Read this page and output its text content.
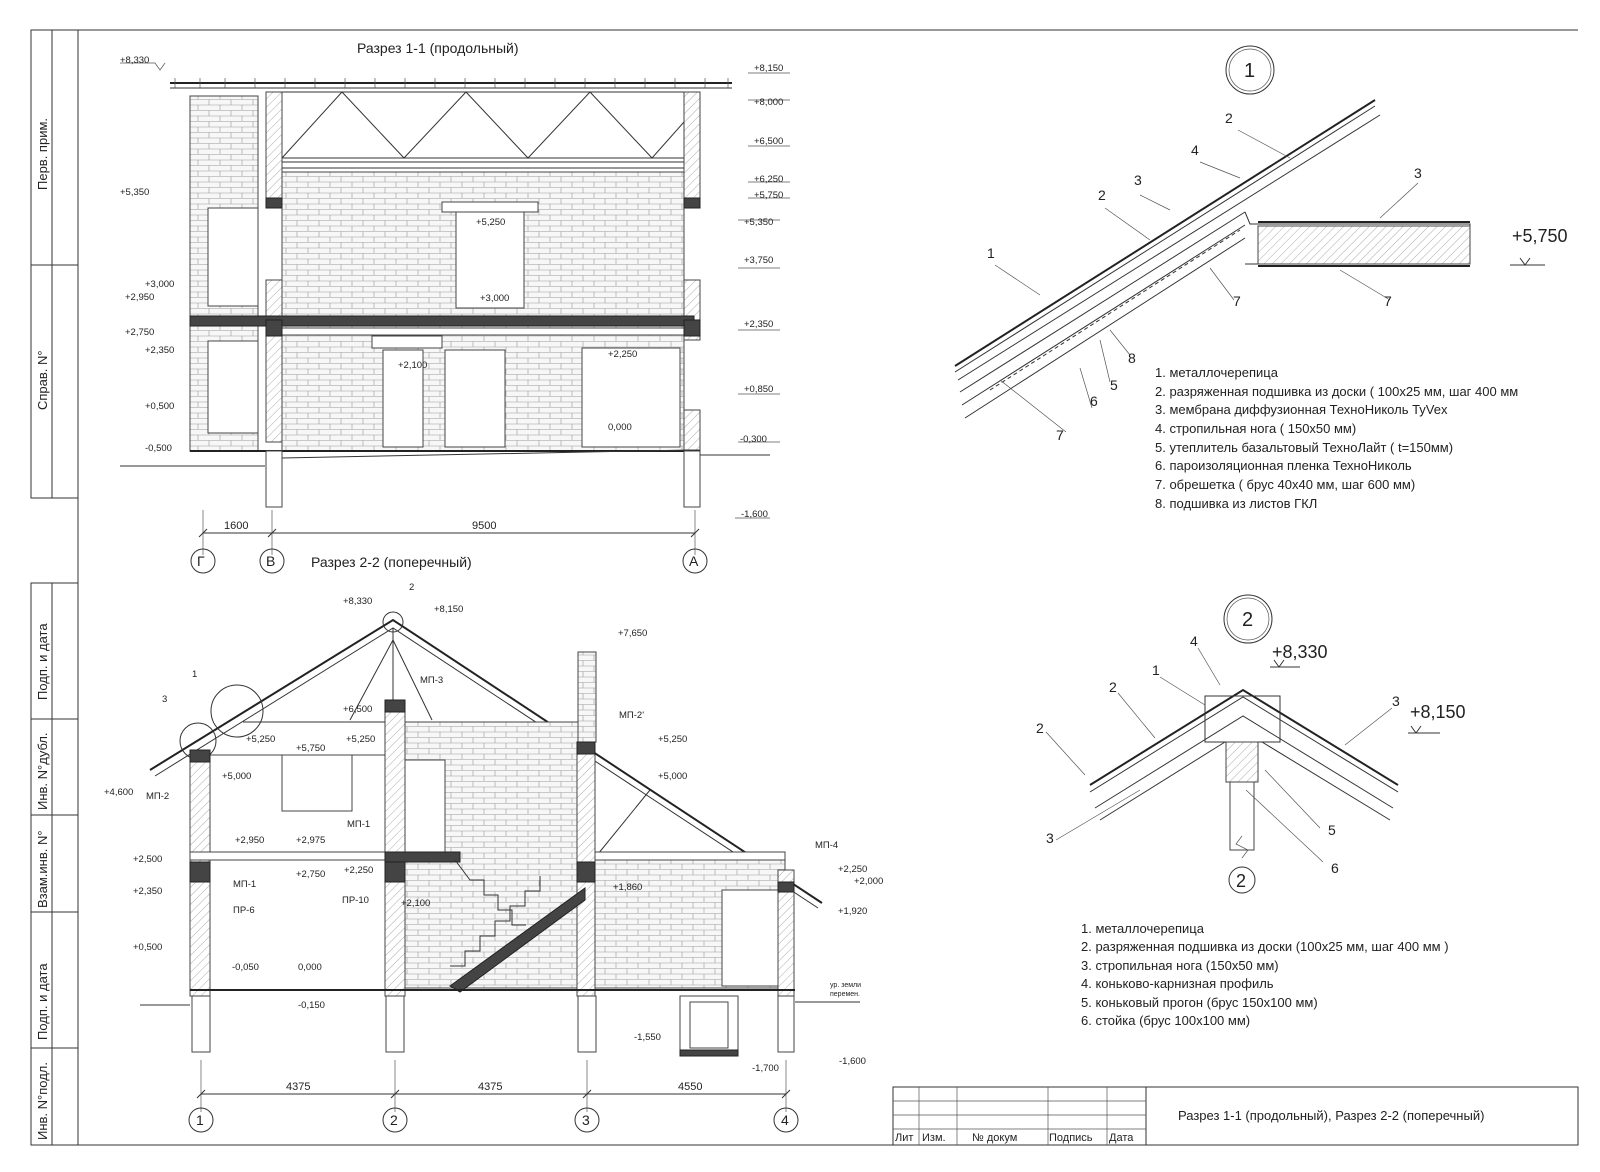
Перв. прим.
Справ. N°
Подп. и дата
Инв. N°дубл.
Взам.инв. N°
Подп. и дата
Инв. N°подл.
Разрез 1-1 (продольный)
1600	9500
Г	В	А
+8,330
+8,150
+8,000
+6,500
+6,250
+5,750
+5,350
+5,350
+5,250
+3,750
+3,000
+2,950	+3,000
+2,750
+2,350
+2,350
+2,100
+2,250
+0,500
+0,850
-0,500
-0,300
0,000
-1,600
Разрез 2-2 (поперечный)
4375	4375	4550
1	2	3	4
+8,330
+8,150
+7,650
+6,500
+5,250
+5,750
+5,250	+5,250
+5,000	+5,000
+4,600
+2,950	+2,975
+2,500
+2,250
+2,750
+2,350
+2,100
+1,860
+2,250
+2,000
+1,920
+0,500
-0,050	0,000
-0,150
-1,550
-1,700
-1,600
МП-3
МП-2'
МП-2
МП-1
МП-1
ПР-6
ПР-10
МП-4
1
2
3
ур. земли
перемен.
1
+5,750
2
4
3
2
3
1
7	7
8
5
6
7
1. металлочерепица
2. разряженная подшивка из доски ( 100х25 мм, шаг 400 мм
3. мембрана диффузионная ТехноНиколь TyVex
4. стропильная нога ( 150х50 мм)
5. утеплитель базальтовый ТехноЛайт ( t=150мм)
6. пароизоляционная пленка ТехноНиколь
7. обрешетка ( брус 40х40 мм, шаг 600 мм)
8. подшивка из листов ГКЛ
2
2
+8,330
+8,150
4
1
2
3
2
3	5
6
1. металлочерепица
2. разряженная подшивка из доски (100х25 мм, шаг 400 мм )
3. стропильная нога (150х50 мм)
4. коньково-карнизная профиль
5. коньковый прогон (брус 150х100 мм)
6. стойка (брус 100х100 мм)
Лит Изм. № докум	Подпись Дата
Разрез 1-1 (продольный), Разрез 2-2 (поперечный)
